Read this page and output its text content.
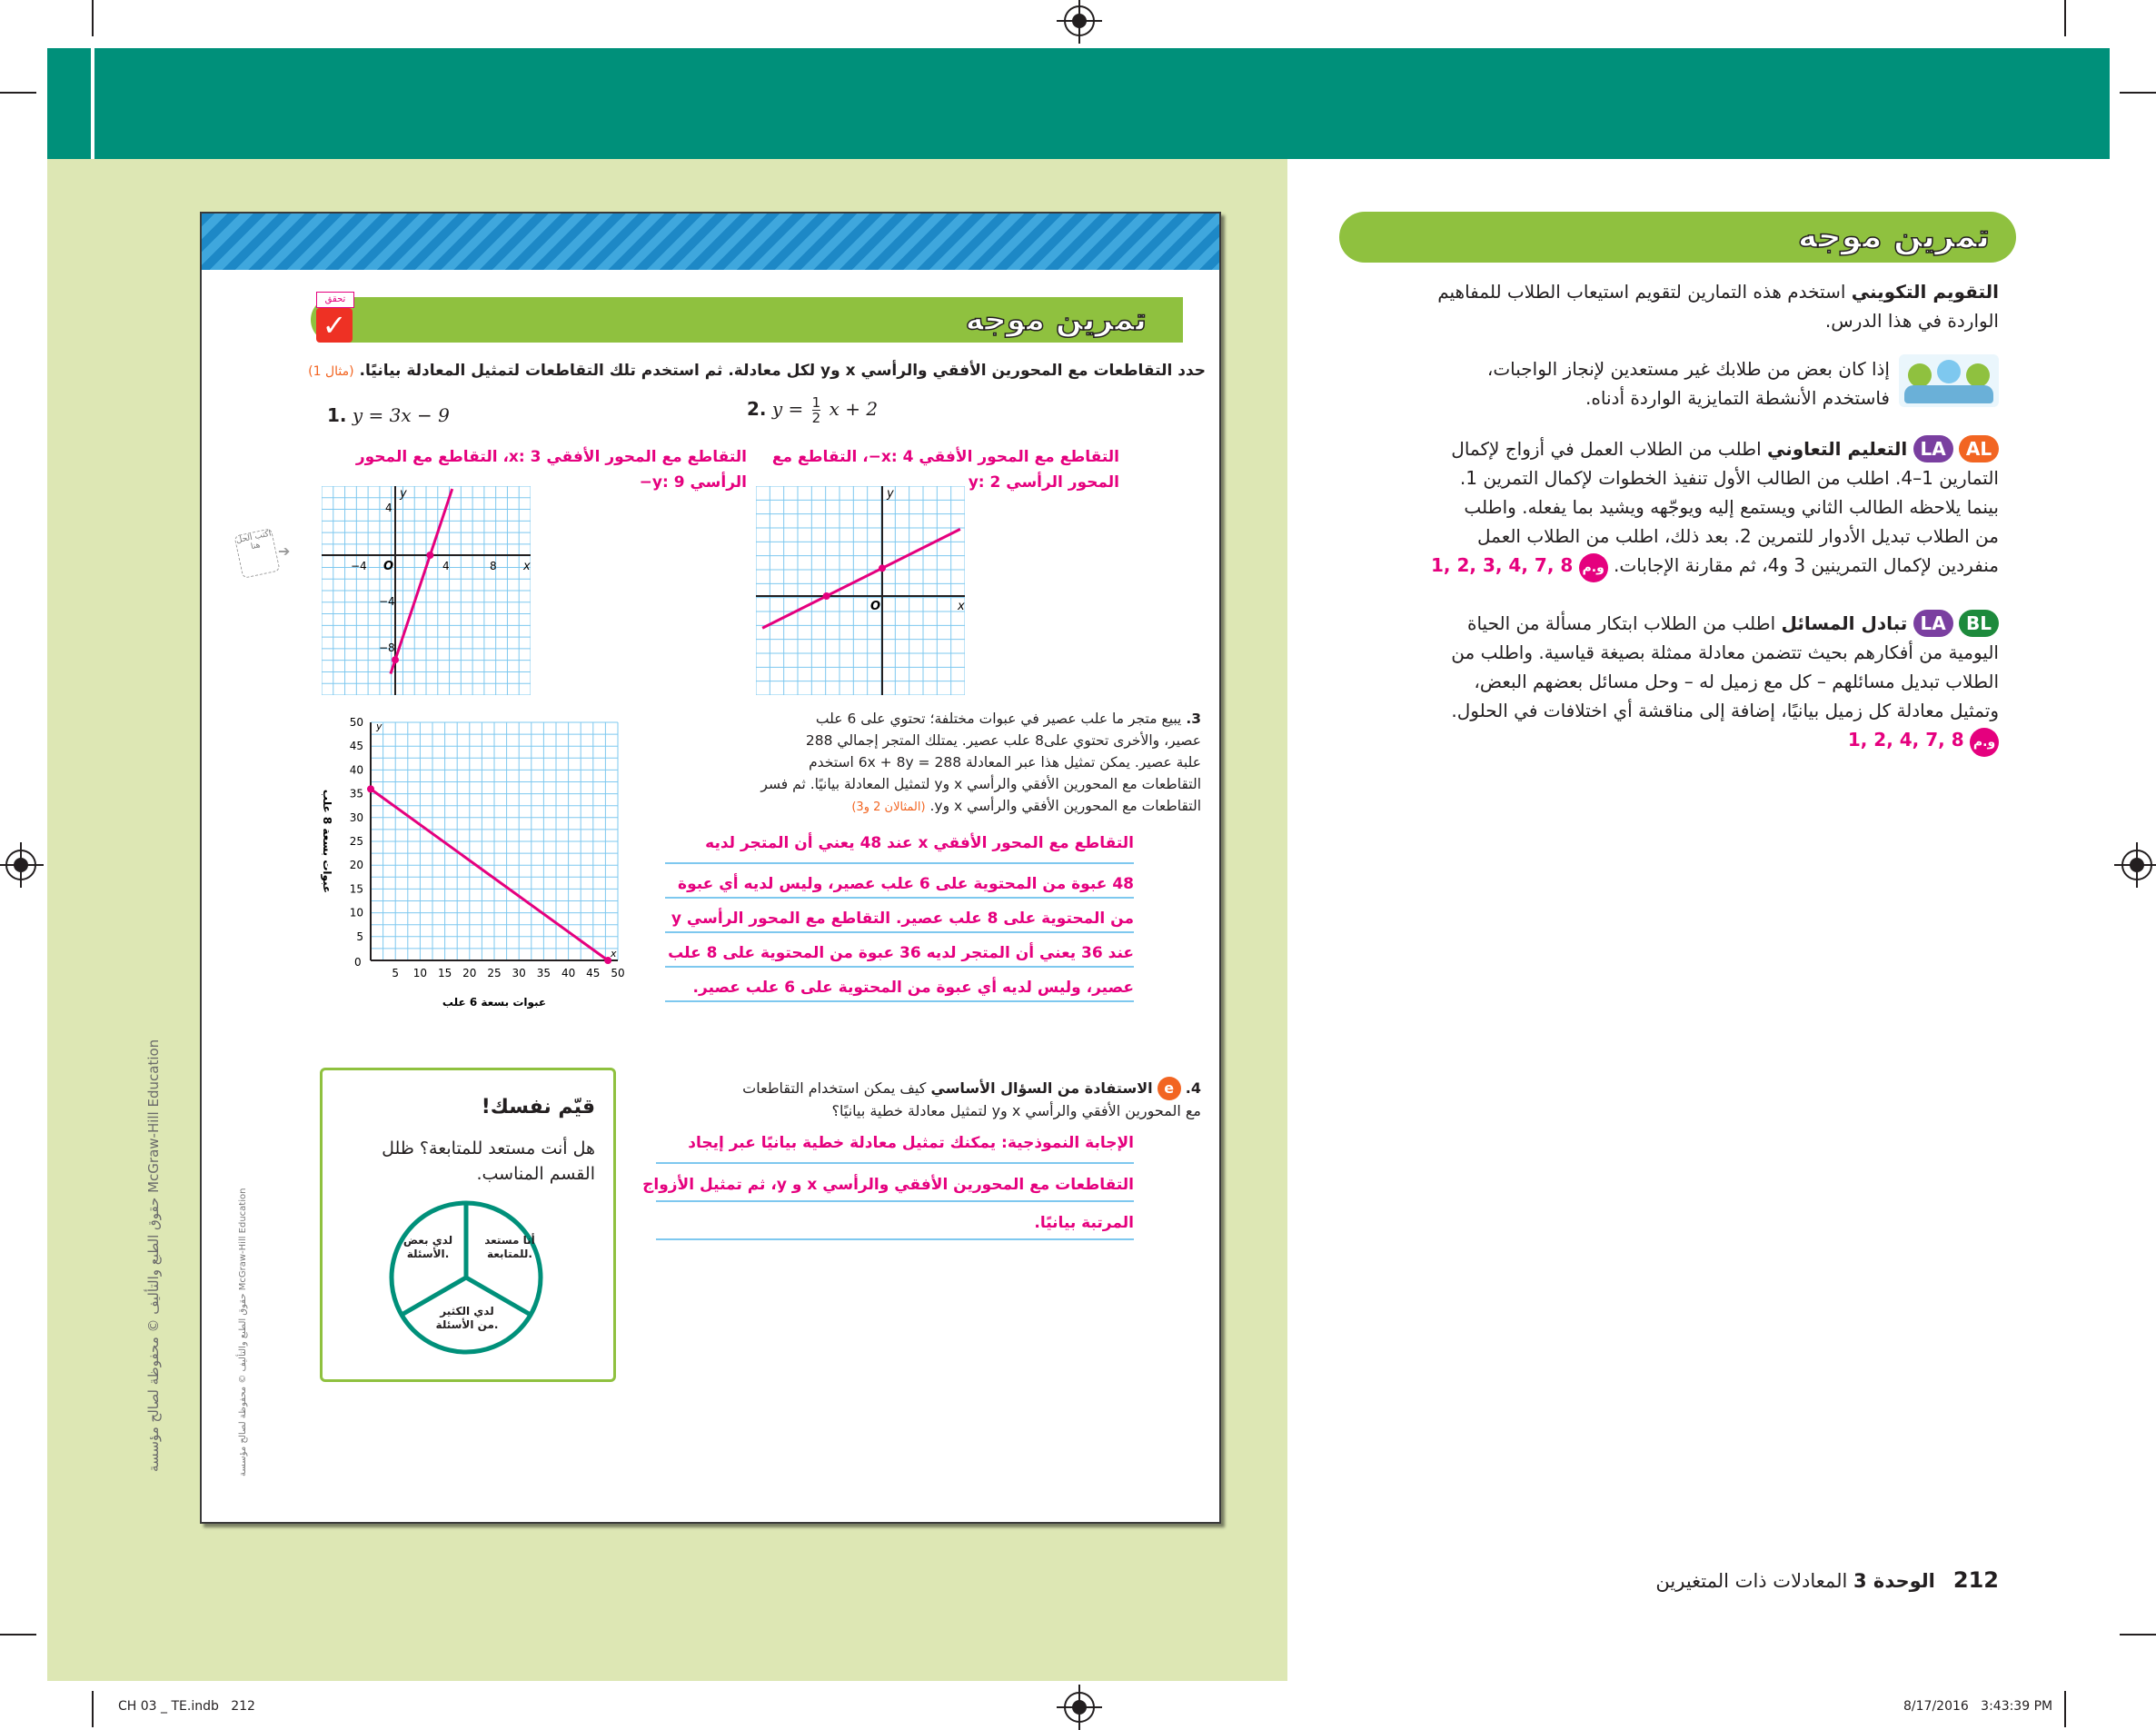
حقوق الطبع والتأليف © محفوظة لصالح مؤسسة McGraw-Hill Education
تحقق
✓	تمرين موجه
حدد التقاطعات مع المحورين الأفقي والرأسي x وy لكل معادلة. ثم استخدم تلك التقاطعات لتمثيل المعادلة بيانيًا. (مثال 1)
اكتب الحل هنا	➔
1. y = 3x − 9
التقاطع مع المحور الأفقي x: 3، التقاطع مع المحور
الرأسي y: 9−
x
y
O
−4	4	8
4
−4
−8
2. $y = \frac{1}{2}$ x + 2
التقاطع مع المحور الأفقي x: 4−، التقاطع مع
المحور الرأسي y: 2
x
y
O
3. يبيع متجر ما علب عصير في عبوات مختلفة؛ تحتوي على 6 علب
عصير، والأخرى تحتوي على8 علب عصير. يمتلك المتجر إجمالي 288
علبة عصير. يمكن تمثيل هذا عبر المعادلة 6x + 8y = 288 استخدم
التقاطعات مع المحورين الأفقي والرأسي x وy لتمثيل المعادلة بيانيًا. ثم فسر
التقاطعات مع المحورين الأفقي والرأسي x وy. (المثالان 2 و3)
التقاطع مع المحور الأفقي x عند 48 يعني أن المتجر لديه
48 عبوة من المحتوية على 6 علب عصير، وليس لديه أي عبوة
من المحتوية على 8 علب عصير. التقاطع مع المحور الرأسي y
عند 36 يعني أن المتجر لديه 36 عبوة من المحتوية على 8 علب
عصير، وليس لديه أي عبوة من المحتوية على 6 علب عصير.
y
x
0
5 10 15 20 25 30 35 40 45 50
5
10
15
20
25
30
35
40
45
50
عبوات بسعة 6 علب
عبوات بسعة 8 علب
قيّم نفسك!
هل أنت مستعد للمتابعة؟ ظلل القسم المناسب.
أنا مستعد للمتابعة.
لدي بعض الأسئلة.
لدي الكثير من الأسئلة.
4. e الاستفادة من السؤال الأساسي كيف يمكن استخدام التقاطعات
مع المحورين الأفقي والرأسي x وy لتمثيل معادلة خطية بيانيًا؟
الإجابة النموذجية: يمكنك تمثيل معادلة خطية بيانيًا عبر إيجاد
التقاطعات مع المحورين الأفقي والرأسي x و y، ثم تمثيل الأزواج
المرتبة بيانيًا.
حقوق الطبع والتأليف © محفوظة لصالح مؤسسة McGraw-Hill Education
تمرين موجه
التقويم التكويني استخدم هذه التمارين لتقويم استيعاب الطلاب للمفاهيم
الواردة في هذا الدرس.
إذا كان بعض من طلابك غير مستعدين لإنجاز الواجبات،
فاستخدم الأنشطة التمايزية الواردة أدناه.
AL LA التعليم التعاوني اطلب من الطلاب العمل في أزواج لإكمال
التمارين 1–4. اطلب من الطالب الأول تنفيذ الخطوات لإكمال التمرين 1.
بينما يلاحظه الطالب الثاني ويستمع إليه ويوجّهه ويشيد بما يفعله. واطلب
من الطلاب تبديل الأدوار للتمرين 2. بعد ذلك، اطلب من الطلاب العمل
منفردين لإكمال التمرينين 3 و4، ثم مقارنة الإجابات. و.م 1, 2, 3, 4, 7, 8
BL LA تبادل المسائل اطلب من الطلاب ابتكار مسألة من الحياة
اليومية من أفكارهم بحيث تتضمن معادلة ممثلة بصيغة قياسية. واطلب من
الطلاب تبديل مسائلهم – كل مع زميل له – وحل مسائل بعضهم البعض،
وتمثيل معادلة كل زميل بيانيًا، إضافة إلى مناقشة أي اختلافات في الحلول.
و.م 1, 2, 4, 7, 8
212   الوحدة 3 المعادلات ذات المتغيرين
CH 03 _ TE.indb 212	8/17/2016 3:43:39 PM
